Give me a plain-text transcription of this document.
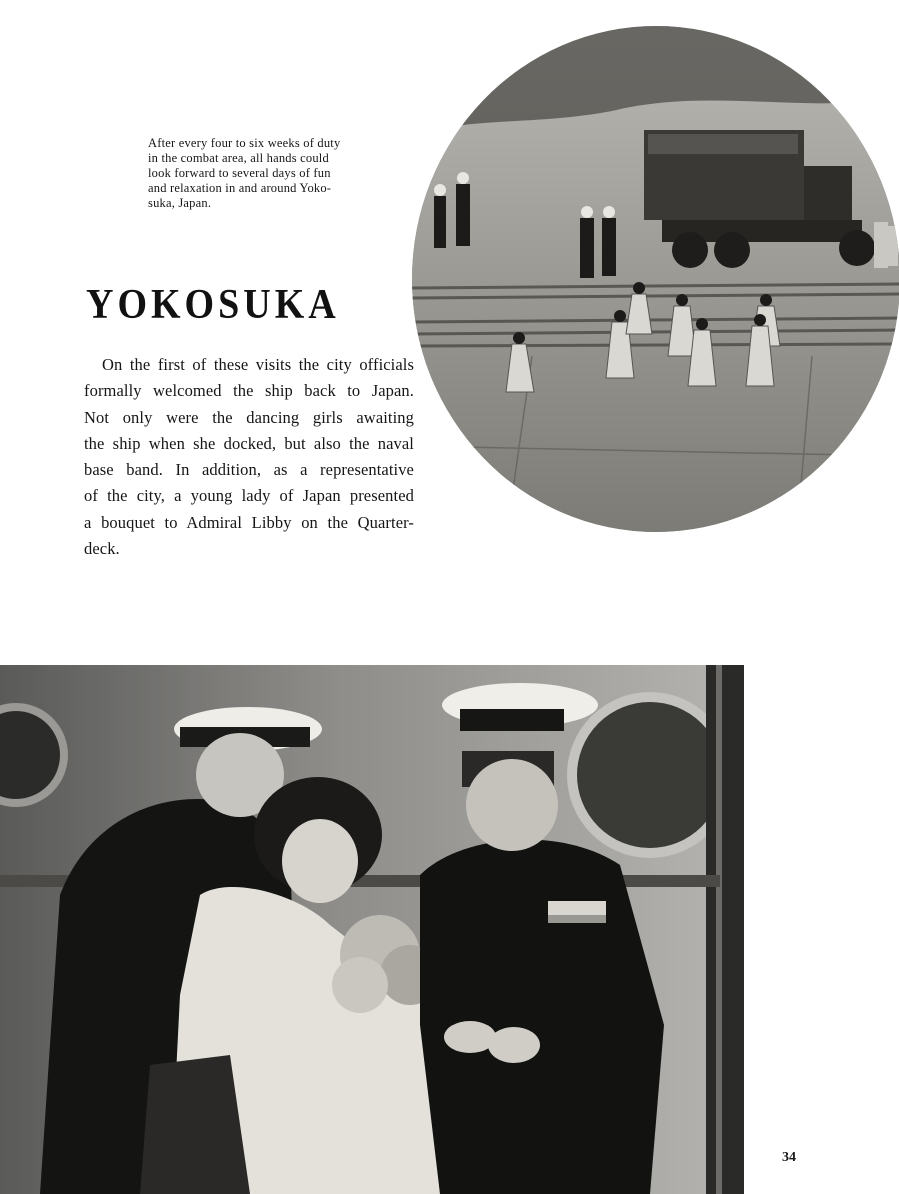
After every four to six weeks of duty
in the combat area, all hands could
look forward to several days of fun
and relaxation in and around Yoko-
suka, Japan.
YOKOSUKA
On the first of these visits the city officials
formally welcomed the ship back to Japan.
Not only were the dancing girls awaiting
the ship when she docked, but also the naval
base band. In addition, as a representative
of the city, a young lady of Japan presented
a bouquet to Admiral Libby on the Quarter-
deck.
34
